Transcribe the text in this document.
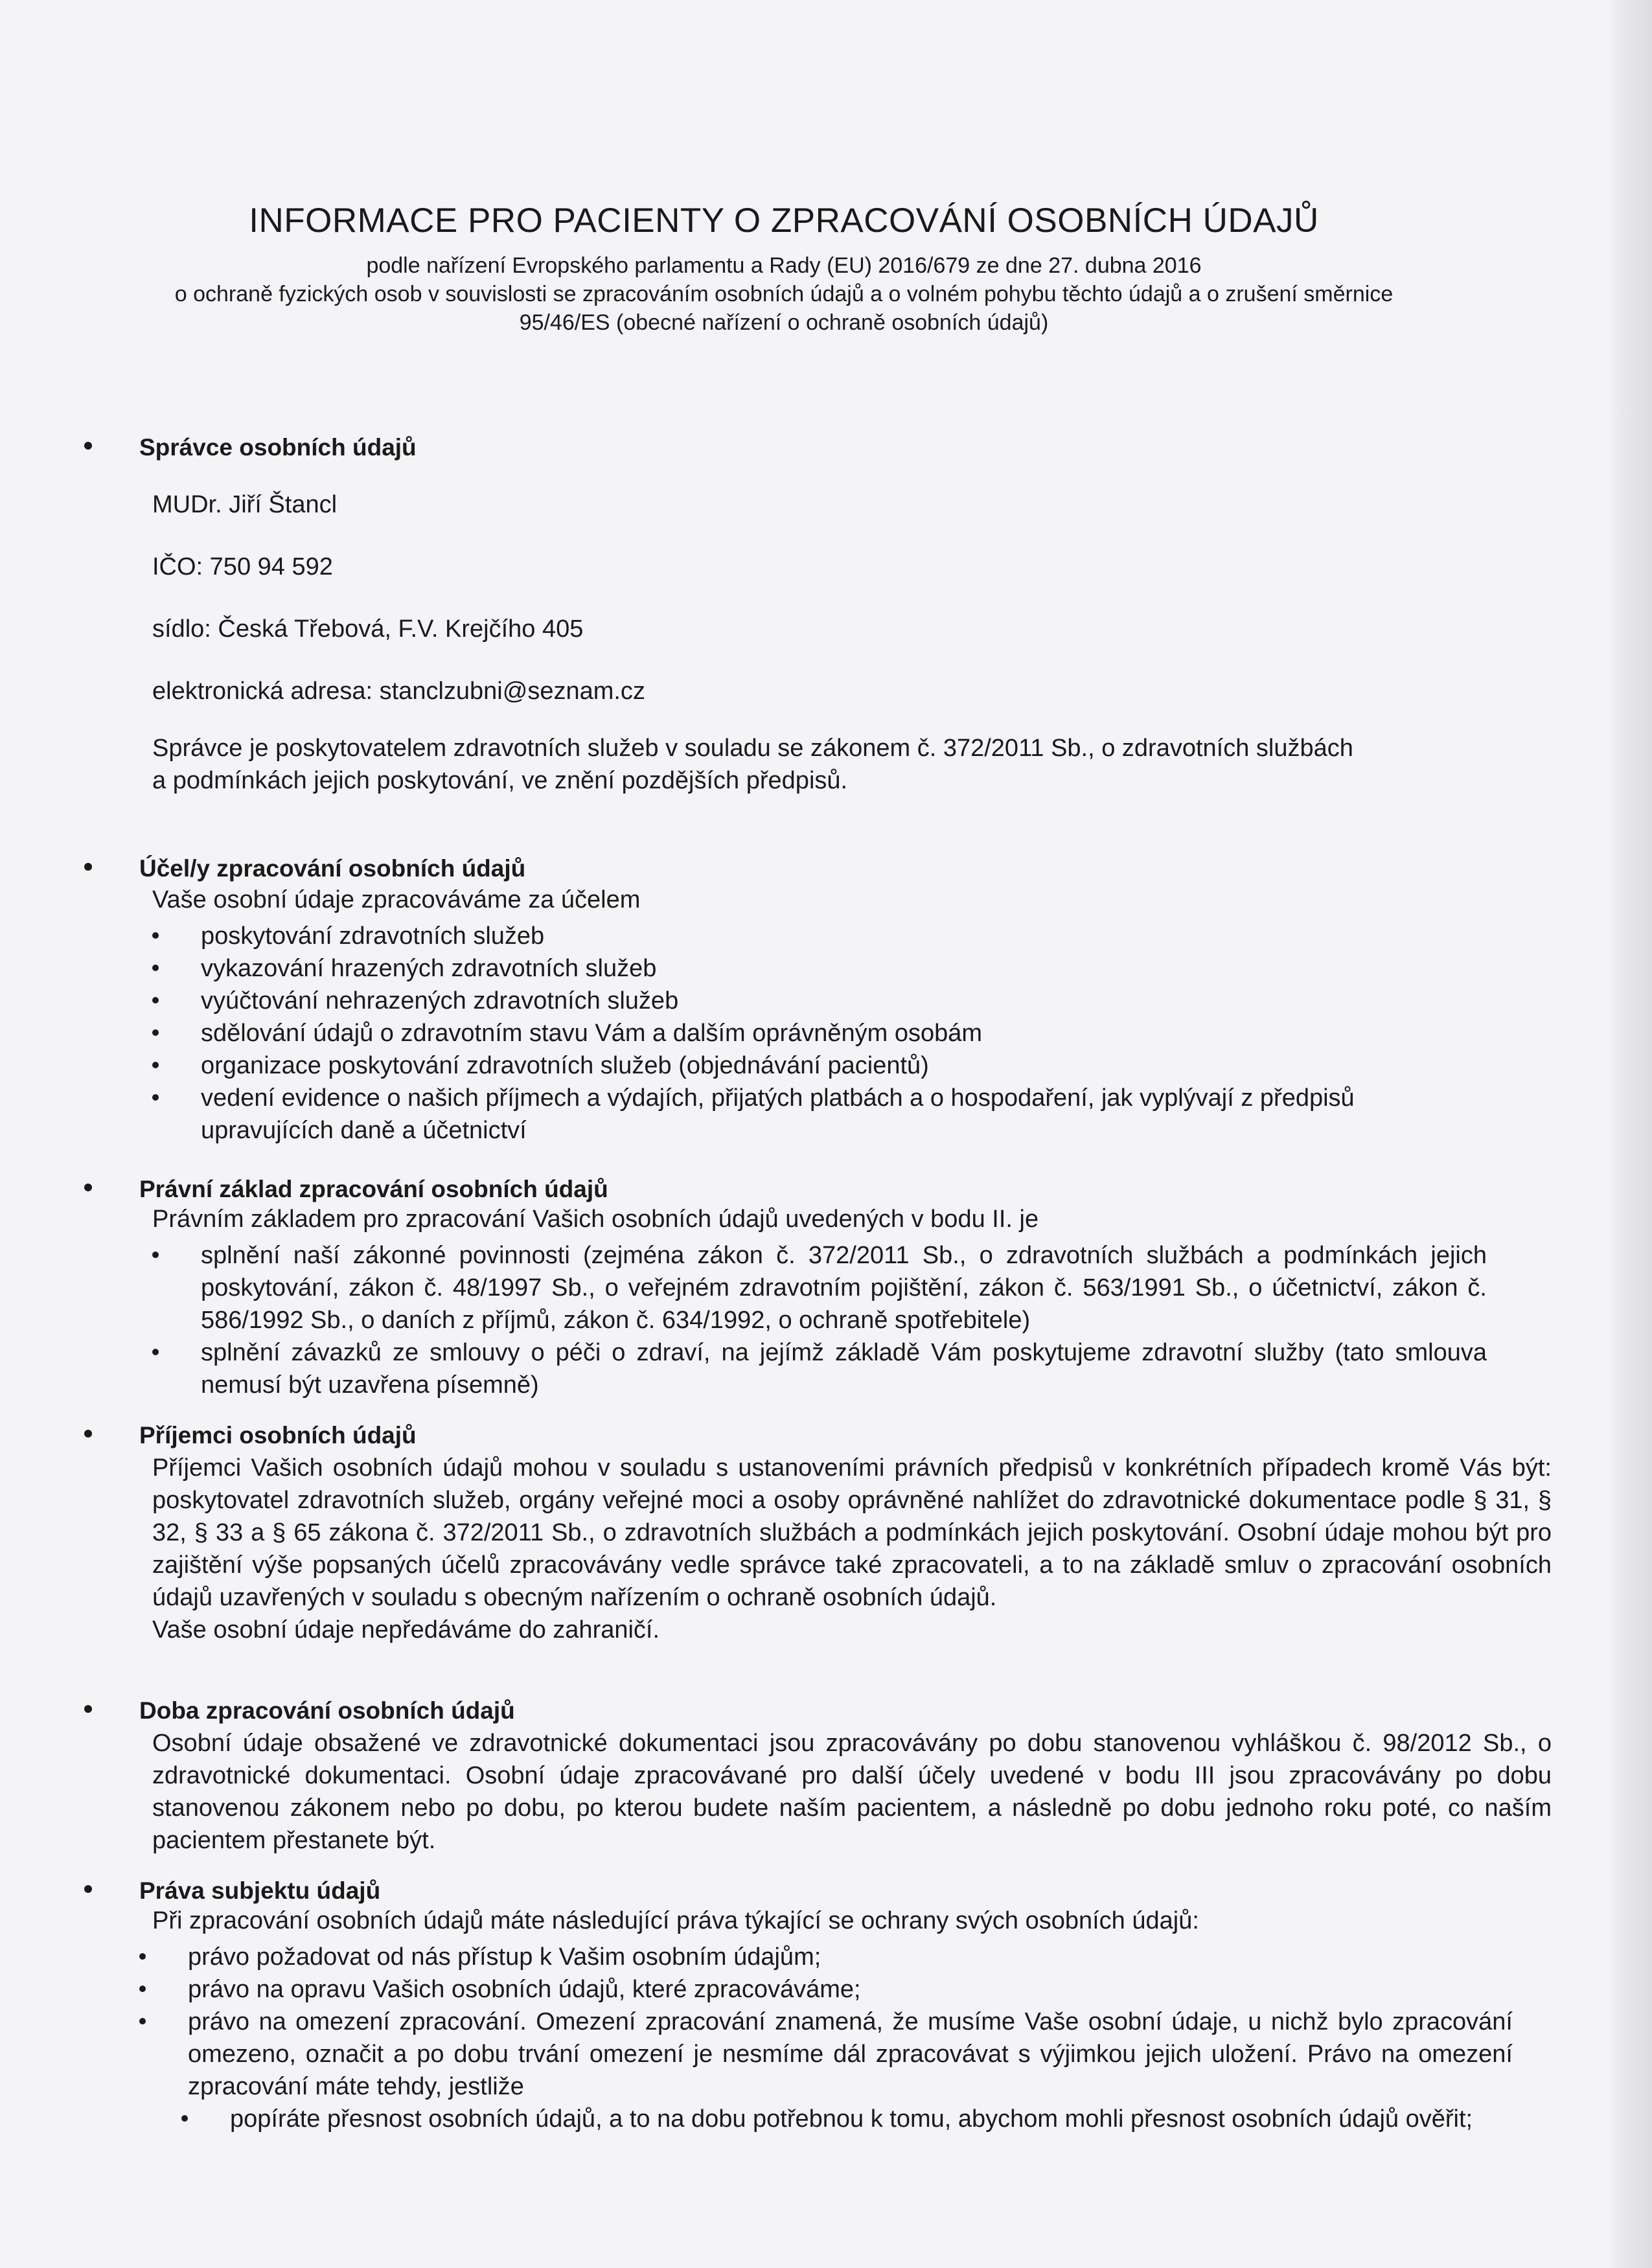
INFORMACE PRO PACIENTY O ZPRACOVÁNÍ OSOBNÍCH ÚDAJŮ
podle nařízení Evropského parlamentu a Rady (EU) 2016/679 ze dne 27. dubna 2016
o ochraně fyzických osob v souvislosti se zpracováním osobních údajů a o volném pohybu těchto údajů a o zrušení směrnice
95/46/ES (obecné nařízení o ochraně osobních údajů)
Správce osobních údajů
MUDr. Jiří Štancl
IČO: 750 94 592
sídlo: Česká Třebová, F.V. Krejčího 405
elektronická adresa: stanclzubni@seznam.cz
Správce je poskytovatelem zdravotních služeb v souladu se zákonem č. 372/2011 Sb., o zdravotních službách
a podmínkách jejich poskytování, ve znění pozdějších předpisů.
Účel/y zpracování osobních údajů
Vaše osobní údaje zpracováváme za účelem
poskytování zdravotních služeb
vykazování hrazených zdravotních služeb
vyúčtování nehrazených zdravotních služeb
sdělování údajů o zdravotním stavu Vám a dalším oprávněným osobám
organizace poskytování zdravotních služeb (objednávání pacientů)
vedení evidence o našich příjmech a výdajích, přijatých platbách a o hospodaření, jak vyplývají z předpisů upravujících daně a účetnictví
Právní základ zpracování osobních údajů
Právním základem pro zpracování Vašich osobních údajů uvedených v bodu II. je
splnění naší zákonné povinnosti (zejména zákon č. 372/2011 Sb., o zdravotních službách a podmínkách jejich poskytování, zákon č. 48/1997 Sb., o veřejném zdravotním pojištění, zákon č. 563/1991 Sb., o účetnictví, zákon č. 586/1992 Sb., o daních z příjmů, zákon č. 634/1992, o ochraně spotřebitele)
splnění závazků ze smlouvy o péči o zdraví, na jejímž základě Vám poskytujeme zdravotní služby (tato smlouva nemusí být uzavřena písemně)
Příjemci osobních údajů
Příjemci Vašich osobních údajů mohou v souladu s ustanoveními právních předpisů v konkrétních případech kromě Vás být: poskytovatel zdravotních služeb, orgány veřejné moci a osoby oprávněné nahlížet do zdravotnické dokumentace podle § 31, § 32, § 33 a § 65 zákona č. 372/2011 Sb., o zdravotních službách a podmínkách jejich poskytování. Osobní údaje mohou být pro zajištění výše popsaných účelů zpracovávány vedle správce také zpracovateli, a to na základě smluv o zpracování osobních údajů uzavřených v souladu s obecným nařízením o ochraně osobních údajů.
Vaše osobní údaje nepředáváme do zahraničí.
Doba zpracování osobních údajů
Osobní údaje obsažené ve zdravotnické dokumentaci jsou zpracovávány po dobu stanovenou vyhláškou č. 98/2012 Sb., o zdravotnické dokumentaci. Osobní údaje zpracovávané pro další účely uvedené v bodu III jsou zpracovávány po dobu stanovenou zákonem nebo po dobu, po kterou budete naším pacientem, a následně po dobu jednoho roku poté, co naším pacientem přestanete být.
Práva subjektu údajů
Při zpracování osobních údajů máte následující práva týkající se ochrany svých osobních údajů:
právo požadovat od nás přístup k Vašim osobním údajům;
právo na opravu Vašich osobních údajů, které zpracováváme;
právo na omezení zpracování. Omezení zpracování znamená, že musíme Vaše osobní údaje, u nichž bylo zpracování omezeno, označit a po dobu trvání omezení je nesmíme dál zpracovávat s výjimkou jejich uložení. Právo na omezení zpracování máte tehdy, jestliže
popíráte přesnost osobních údajů, a to na dobu potřebnou k tomu, abychom mohli přesnost osobních údajů ověřit;
